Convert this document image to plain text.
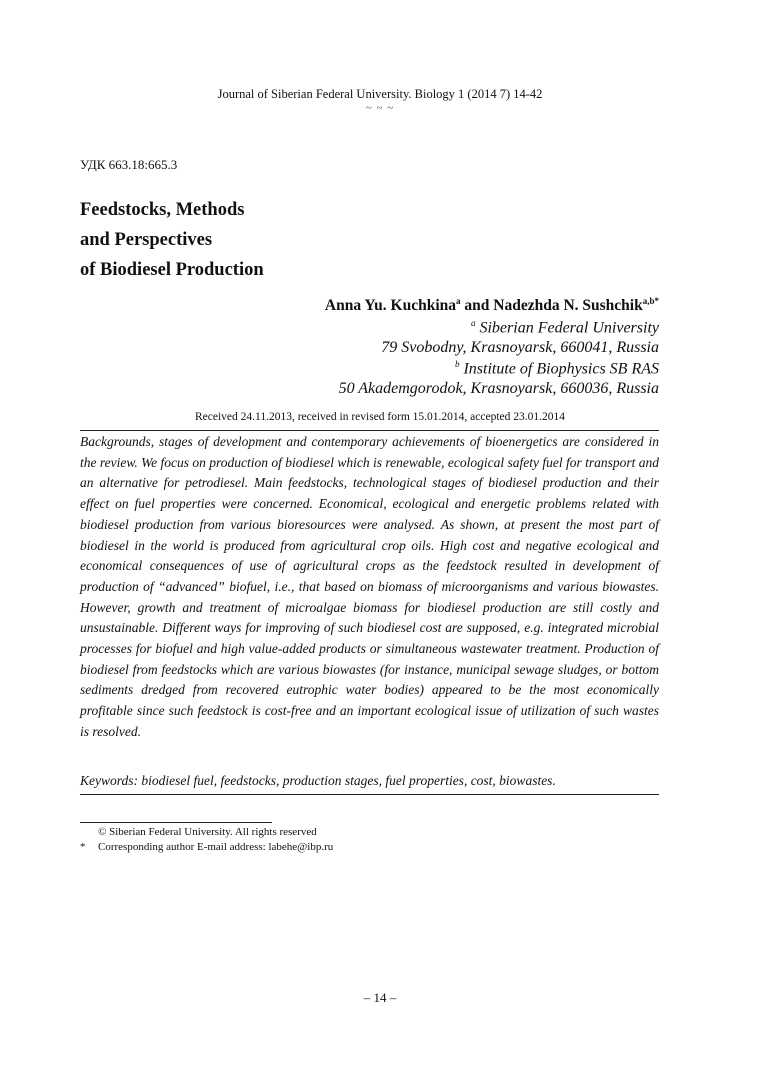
Journal of Siberian Federal University. Biology 1 (2014 7) 14-42
~ ~ ~
УДК 663.18:665.3
Feedstocks, Methods
and Perspectives
of Biodiesel Production
Anna Yu. Kuchkina$^a$ and Nadezhda N. Sushchik$^{a,b*}$
$^a$ Siberian Federal University
79 Svobodny, Krasnoyarsk, 660041, Russia
$^b$ Institute of Biophysics SB RAS
50 Akademgorodok, Krasnoyarsk, 660036, Russia
Received 24.11.2013, received in revised form 15.01.2014, accepted 23.01.2014

Backgrounds, stages of development and contemporary achievements of bioenergetics are considered in the review. We focus on production of biodiesel which is renewable, ecological safety fuel for transport and an alternative for petrodiesel. Main feedstocks, technological stages of biodiesel production and their effect on fuel properties were concerned. Economical, ecological and energetic problems related with biodiesel production from various bioresources were analysed. As shown, at present the most part of biodiesel in the world is produced from agricultural crop oils. High cost and negative ecological and economical consequences of use of agricultural crops as the feedstock resulted in development of production of “advanced” biofuel, i.e., that based on biomass of microorganisms and various biowastes. However, growth and treatment of microalgae biomass for biodiesel production are still costly and unsustainable. Different ways for improving of such biodiesel cost are supposed, e.g. integrated microbial processes for biofuel and high value-added products or simultaneous wastewater treatment. Production of biodiesel from feedstocks which are various biowastes (for instance, municipal sewage sludges, or bottom sediments dredged from recovered eutrophic water bodies) appeared to be the most economically profitable since such feedstock is cost-free and an important ecological issue of utilization of such wastes is resolved.

Keywords: biodiesel fuel, feedstocks, production stages, fuel properties, cost, biowastes.
© Siberian Federal University. All rights reserved
* Corresponding author E-mail address: labehe@ibp.ru
– 14 –
